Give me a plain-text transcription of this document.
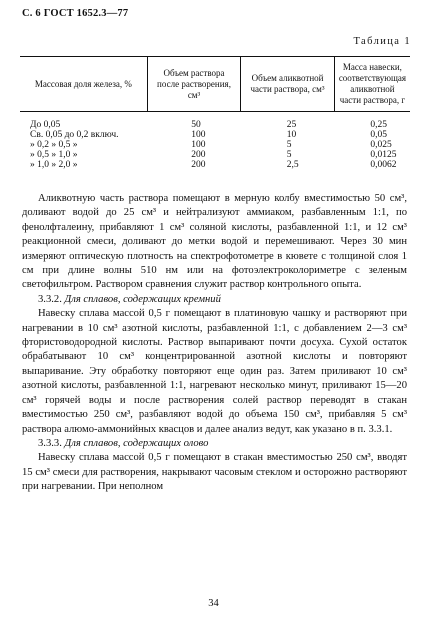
С. 6 ГОСТ 1652.3—77
Таблица 1
Массовая доля железа, %	Объем раствора после растворения, см³	Объем аликвотной части раствора, см³	Масса навески, соответствующая аликвотной части раствора, г
До 0,05	50	25	0,25
Св. 0,05 до 0,2 включ.	100	10	0,05
» 0,2 » 0,5 »	100	5	0,025
» 0,5 » 1,0 »	200	5	0,0125
» 1,0 » 2,0 »	200	2,5	0,0062

Аликвотную часть раствора помещают в мерную колбу вместимостью 50 см³, доливают водой до 25 см³ и нейтрализуют аммиаком, разбавленным 1:1, по фенолфталеину, прибавляют 1 см³ соляной кислоты, разбавленной 1:1, и 12 см³ реакционной смеси, доливают до метки водой и перемешивают. Через 30 мин измеряют оптическую плотность на спектрофотометре в кювете с толщиной слоя 1 см при длине волны 510 нм или на фотоэлектроколориметре с зеленым светофильтром. Раствором сравнения служит раствор контрольного опыта.

3.3.2. Для сплавов, содержащих кремний

Навеску сплава массой 0,5 г помещают в платиновую чашку и растворяют при нагревании в 10 см³ азотной кислоты, разбавленной 1:1, с добавлением 2—3 см³ фтористоводородной кислоты. Раствор выпаривают почти досуха. Сухой остаток обрабатывают 10 см³ концентрированной азотной кислоты и повторяют выпаривание. Эту обработку повторяют еще один раз. Затем приливают 10 см³ азотной кислоты, разбавленной 1:1, нагревают несколько минут, приливают 15—20 см³ горячей воды и после растворения солей раствор переводят в стакан вместимостью 250 см³, разбавляют водой до объема 150 см³, прибавляя 5 см³ раствора алюмо-аммонийных квасцов и далее анализ ведут, как указано в п. 3.3.1.

3.3.3. Для сплавов, содержащих олово

Навеску сплава массой 0,5 г помещают в стакан вместимостью 250 см³, вводят 15 см³ смеси для растворения, накрывают часовым стеклом и осторожно растворяют при нагревании. При неполном

34
